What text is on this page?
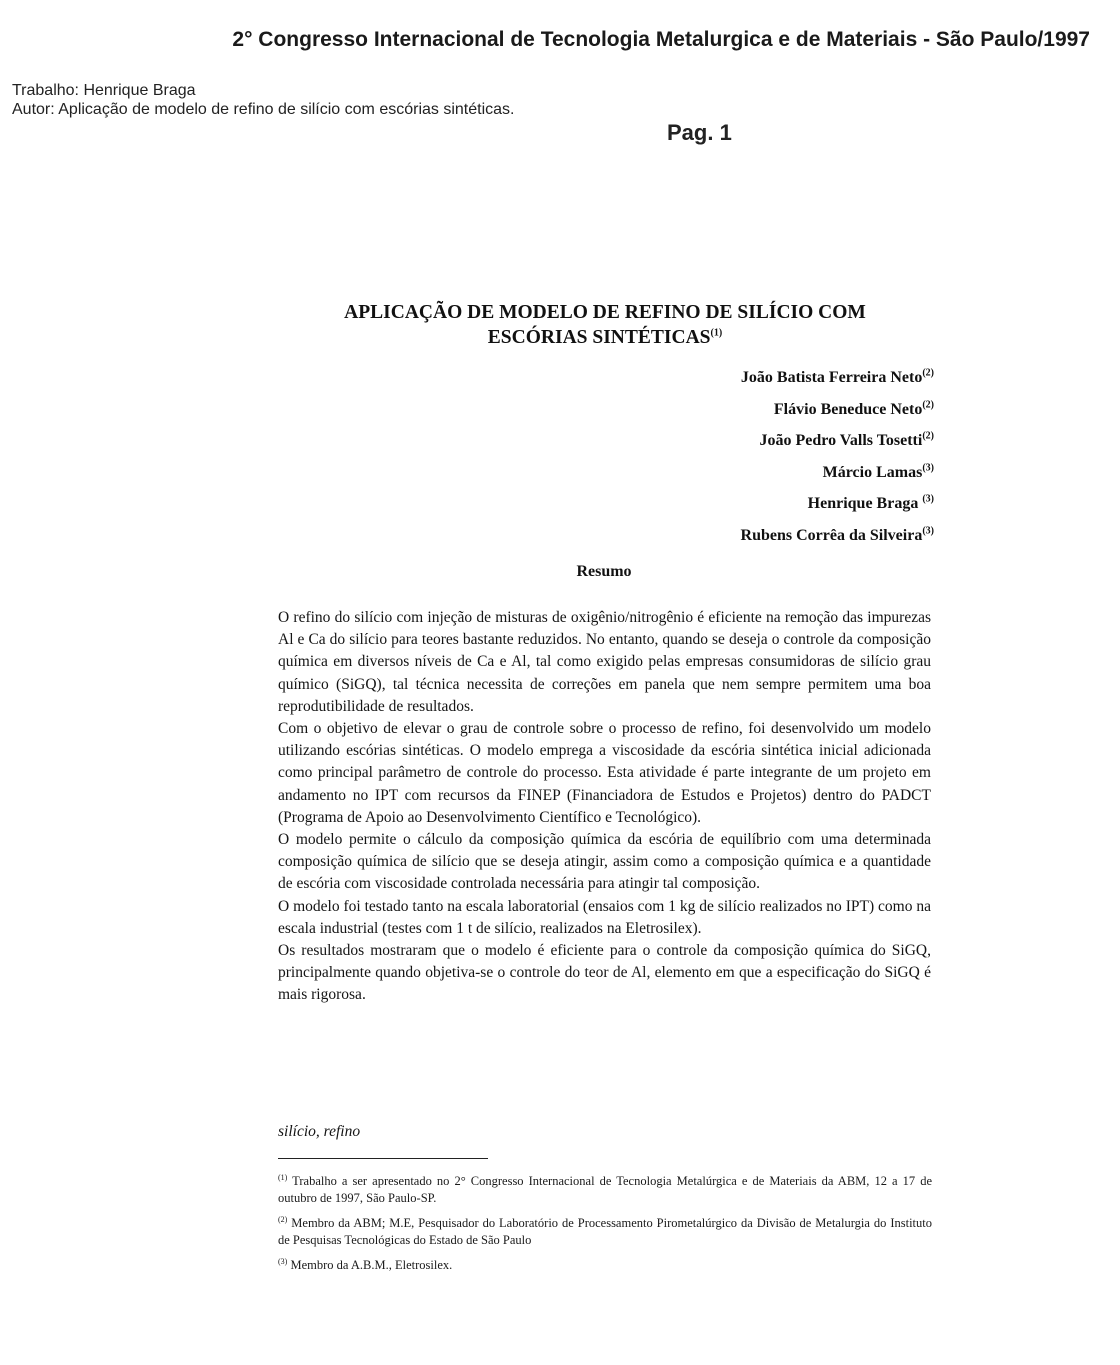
2° Congresso Internacional de Tecnologia Metalurgica e de Materiais - São Paulo/1997

Trabalho: Henrique Braga

Autor: Aplicação de modelo de refino de silício com escórias sintéticas.

Pag. 1

APLICAÇÃO DE MODELO DE REFINO DE SILÍCIO COM
ESCÓRIAS SINTÉTICAS$^{(1)}$
João Batista Ferreira Neto$^{(2)}$
Flávio Beneduce Neto$^{(2)}$
João Pedro Valls Tosetti$^{(2)}$
Márcio Lamas$^{(3)}$
Henrique Braga $^{(3)}$
Rubens Corrêa da Silveira$^{(3)}$
Resumo

O refino do silício com injeção de misturas de oxigênio/nitrogênio é eficiente na remoção das impurezas Al e Ca do silício para teores bastante reduzidos. No entanto, quando se deseja o controle da composição química em diversos níveis de Ca e Al, tal como exigido pelas empresas consumidoras de silício grau químico (SiGQ), tal técnica necessita de correções em panela que nem sempre permitem uma boa reprodutibilidade de resultados.

Com o objetivo de elevar o grau de controle sobre o processo de refino, foi desenvolvido um modelo utilizando escórias sintéticas. O modelo emprega a viscosidade da escória sintética inicial adicionada como principal parâmetro de controle do processo. Esta atividade é parte integrante de um projeto em andamento no IPT com recursos da FINEP (Financiadora de Estudos e Projetos) dentro do PADCT (Programa de Apoio ao Desenvolvimento Científico e Tecnológico).

O modelo permite o cálculo da composição química da escória de equilíbrio com uma determinada composição química de silício que se deseja atingir, assim como a composição química e a quantidade de escória com viscosidade controlada necessária para atingir tal composição.

O modelo foi testado tanto na escala laboratorial (ensaios com 1 kg de silício realizados no IPT) como na escala industrial (testes com 1 t de silício, realizados na Eletrosilex).

Os resultados mostraram que o modelo é eficiente para o controle da composição química do SiGQ, principalmente quando objetiva-se o controle do teor de Al, elemento em que a especificação do SiGQ é mais rigorosa.

silício, refino

$^{(1)}$ Trabalho a ser apresentado no 2° Congresso Internacional de Tecnologia Metalúrgica e de Materiais da ABM, 12 a 17 de outubro de 1997, São Paulo-SP.

$^{(2)}$ Membro da ABM; M.E, Pesquisador do Laboratório de Processamento Pirometalúrgico da Divisão de Metalurgia do Instituto de Pesquisas Tecnológicas do Estado de São Paulo

$^{(3)}$ Membro da A.B.M., Eletrosilex.
